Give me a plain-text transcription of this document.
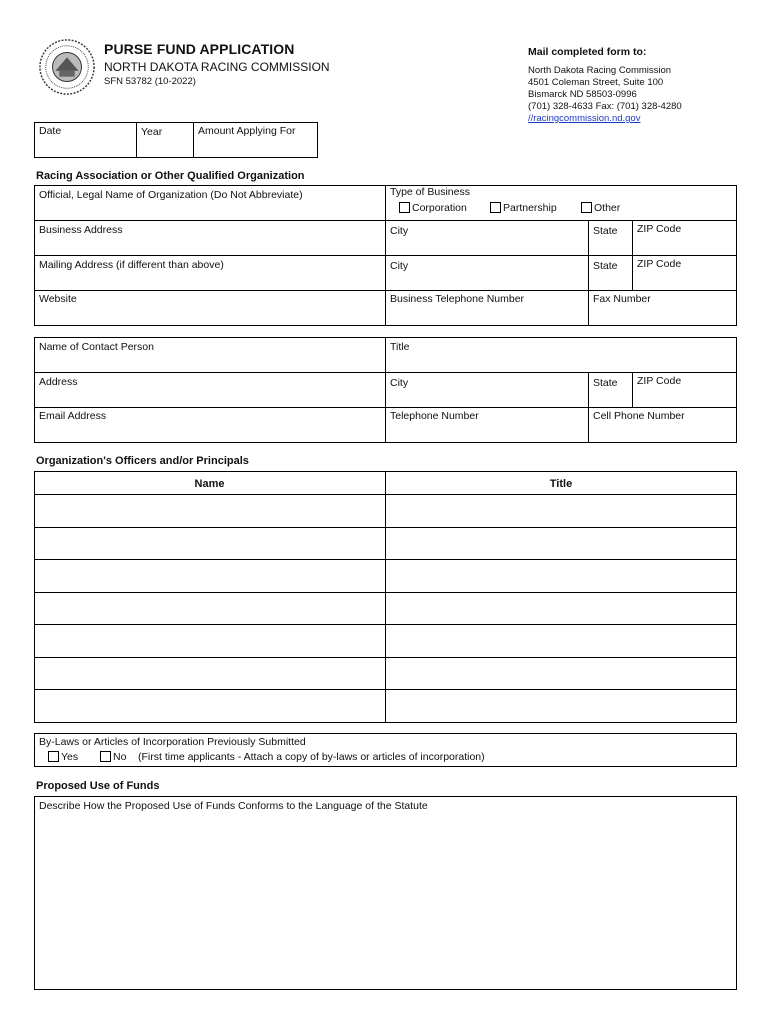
PURSE FUND APPLICATION
NORTH DAKOTA RACING COMMISSION
SFN 53782 (10-2022)
Mail completed form to:
North Dakota Racing Commission
4501 Coleman Street, Suite 100
Bismarck ND 58503-0996
(701) 328-4633 Fax: (701) 328-4280
//racingcommission.nd.gov
Date	Year	Amount Applying For
Racing Association or Other Qualified Organization
Official, Legal Name of Organization (Do Not Abbreviate)	Type of Business
Corporation	Partnership	Other
Business Address	City	State	ZIP Code
Mailing Address (if different than above)	City	State	ZIP Code
Website	Business Telephone Number	Fax Number
Name of Contact Person	Title
Address	City	State	ZIP Code
Email Address	Telephone Number	Cell Phone Number
Organization's Officers and/or Principals
Name	Title
By-Laws or Articles of Incorporation Previously Submitted
Yes	No (First time applicants - Attach a copy of by-laws or articles of incorporation)
Proposed Use of Funds
Describe How the Proposed Use of Funds Conforms to the Language of the Statute
